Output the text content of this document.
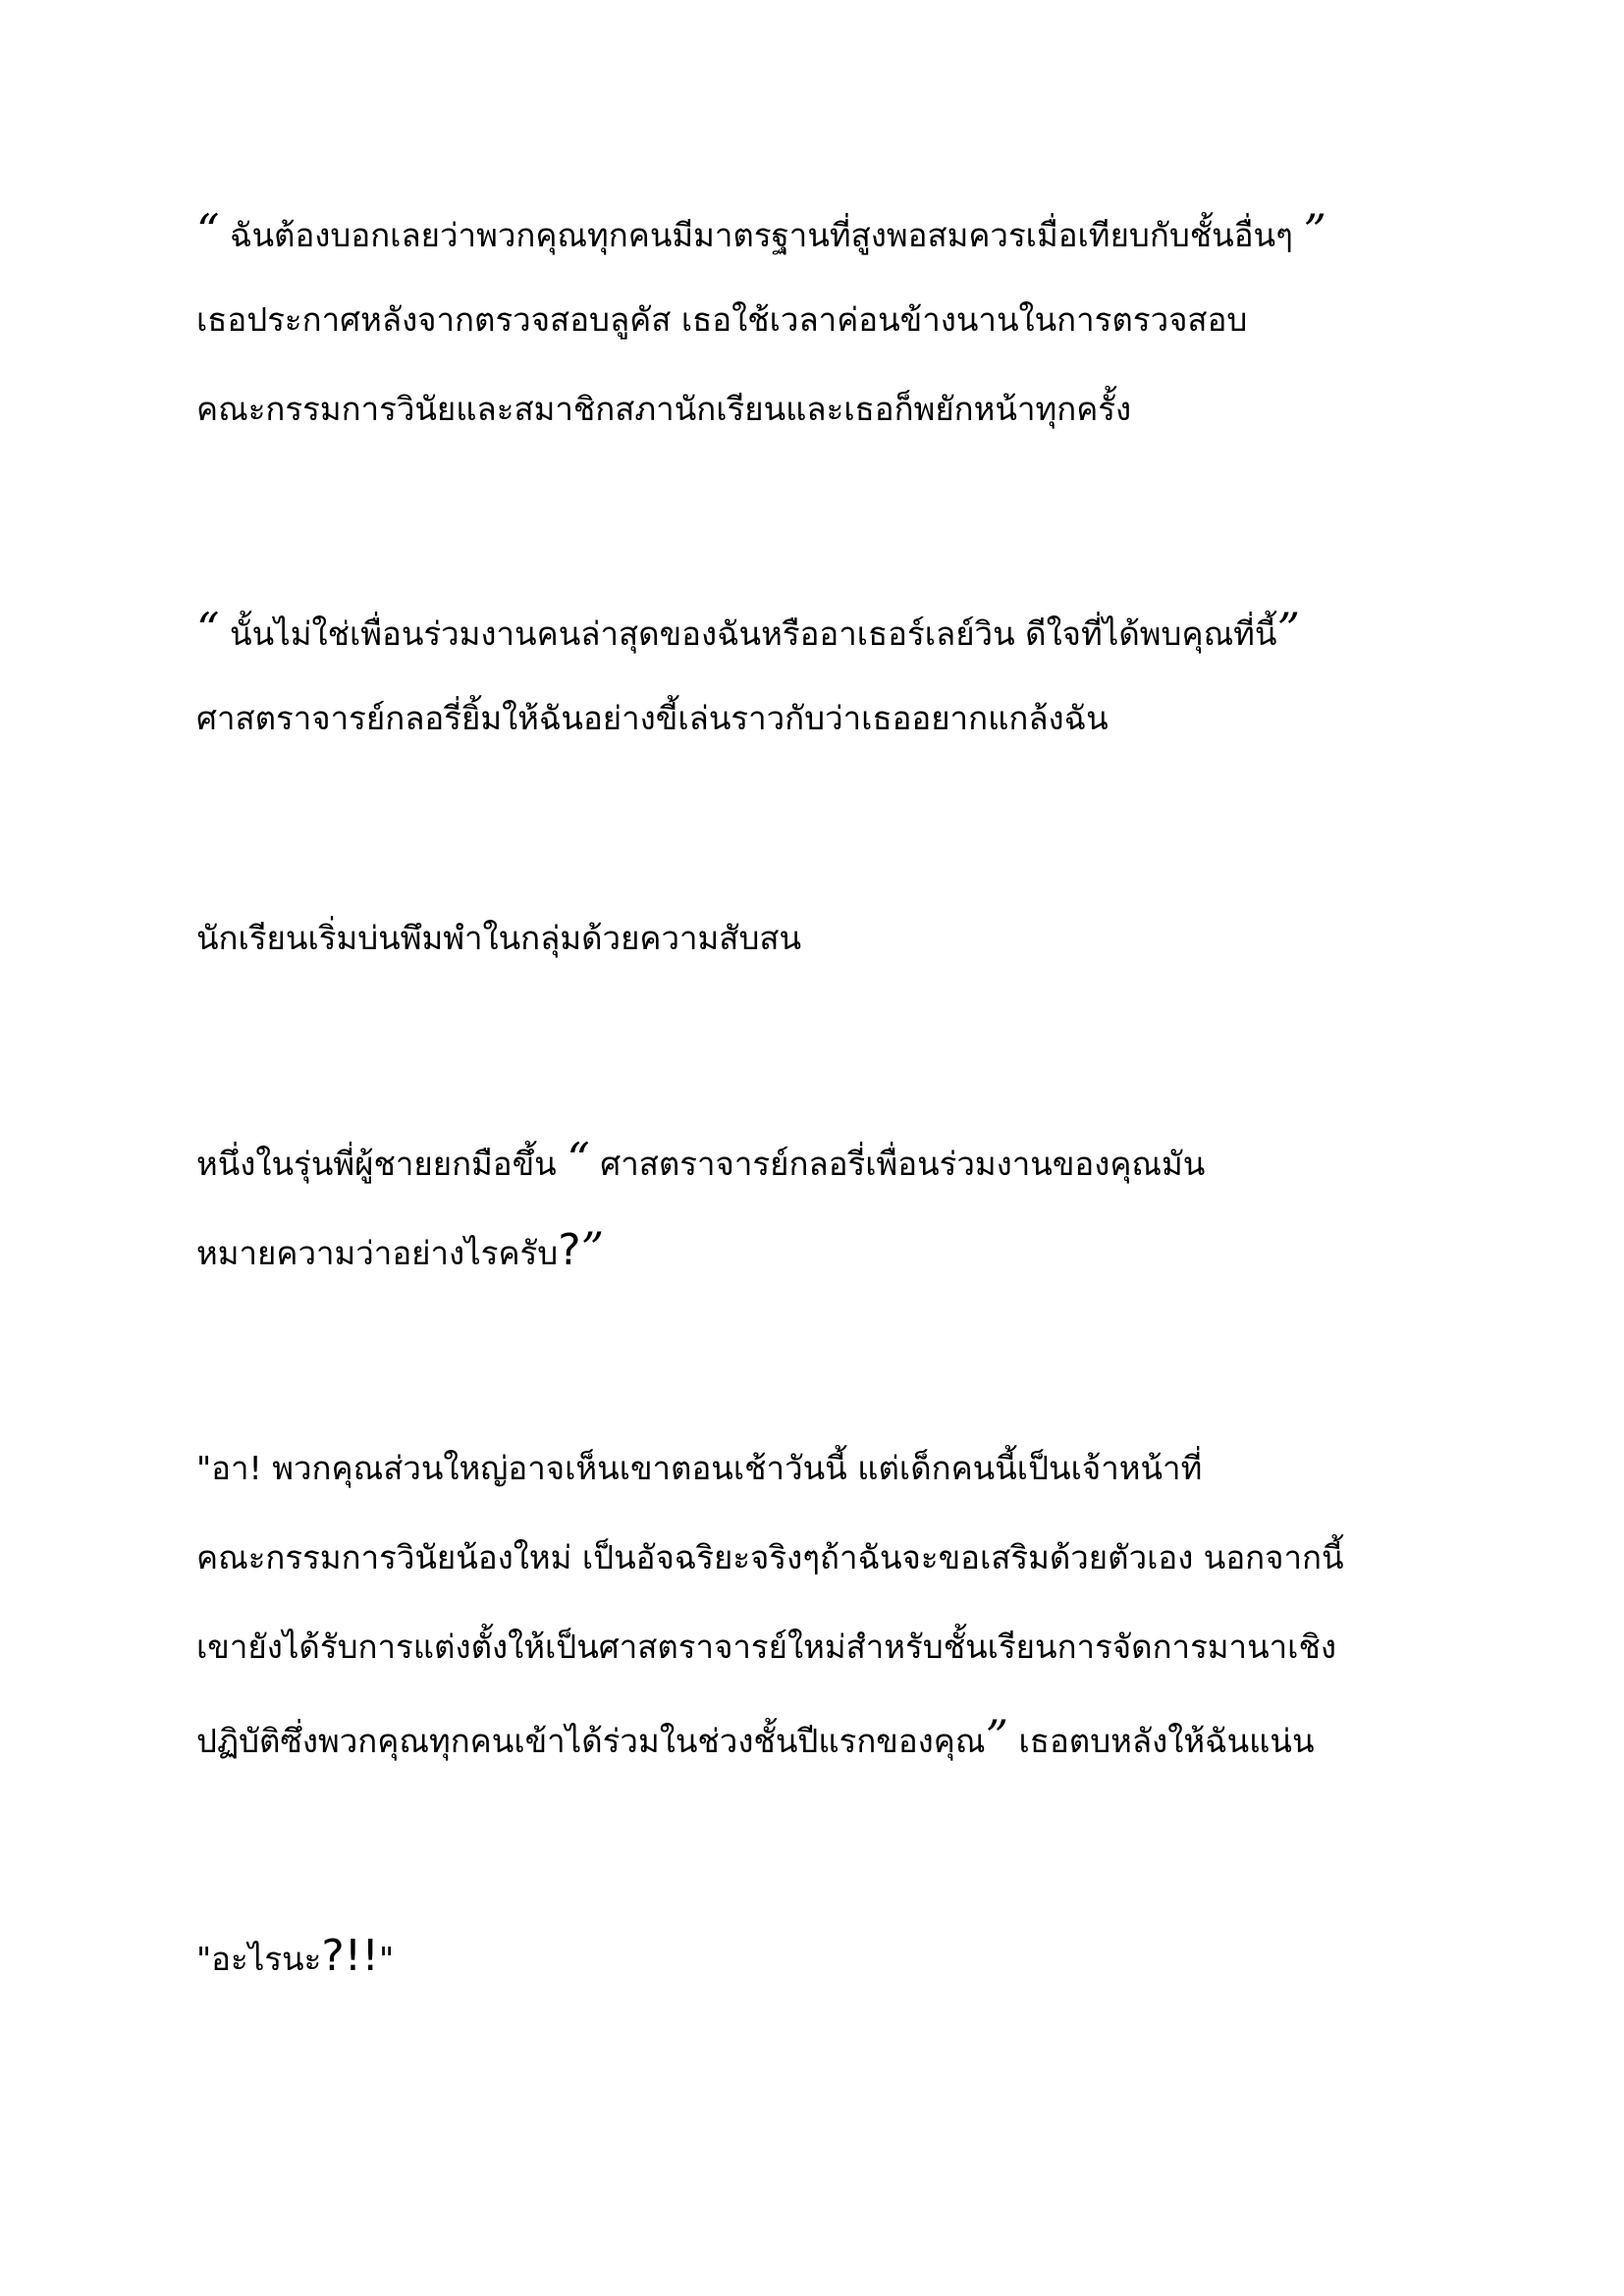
“ ฉันต้องบอกเลยว่าพวกคุณทุกคนมีมาตรฐานที่สูงพอสมควรเมื่อเทียบกับชั้นอื่นๆ ”

เธอประกาศหลังจากตรวจสอบลูคัส เธอใช้เวลาค่อนข้างนานในการตรวจสอบ

คณะกรรมการวินัยและสมาชิกสภานักเรียนและเธอก็พยักหน้าทุกครั้ง

“ นั้นไม่ใช่เพื่อนร่วมงานคนล่าสุดของฉันหรืออาเธอร์เลย์วิน ดีใจที่ได้พบคุณที่นี้”

ศาสตราจารย์กลอรี่ยิ้มให้ฉันอย่างขี้เล่นราวกับว่าเธออยากแกล้งฉัน

นักเรียนเริ่มบ่นพึมพำในกลุ่มด้วยความสับสน

หนึ่งในรุ่นพี่ผู้ชายยกมือขึ้น “ ศาสตราจารย์กลอรี่เพื่อนร่วมงานของคุณมัน

หมายความว่าอย่างไรครับ?”

"อา! พวกคุณส่วนใหญ่อาจเห็นเขาตอนเช้าวันนี้ แต่เด็กคนนี้เป็นเจ้าหน้าที่

คณะกรรมการวินัยน้องใหม่ เป็นอัจฉริยะจริงๆถ้าฉันจะขอเสริมด้วยตัวเอง นอกจากนี้

เขายังได้รับการแต่งตั้งให้เป็นศาสตราจารย์ใหม่สำหรับชั้นเรียนการจัดการมานาเชิง

ปฏิบัติซึ่งพวกคุณทุกคนเข้าได้ร่วมในช่วงชั้นปีแรกของคุณ” เธอตบหลังให้ฉันแน่น

"อะไรนะ?!!"
